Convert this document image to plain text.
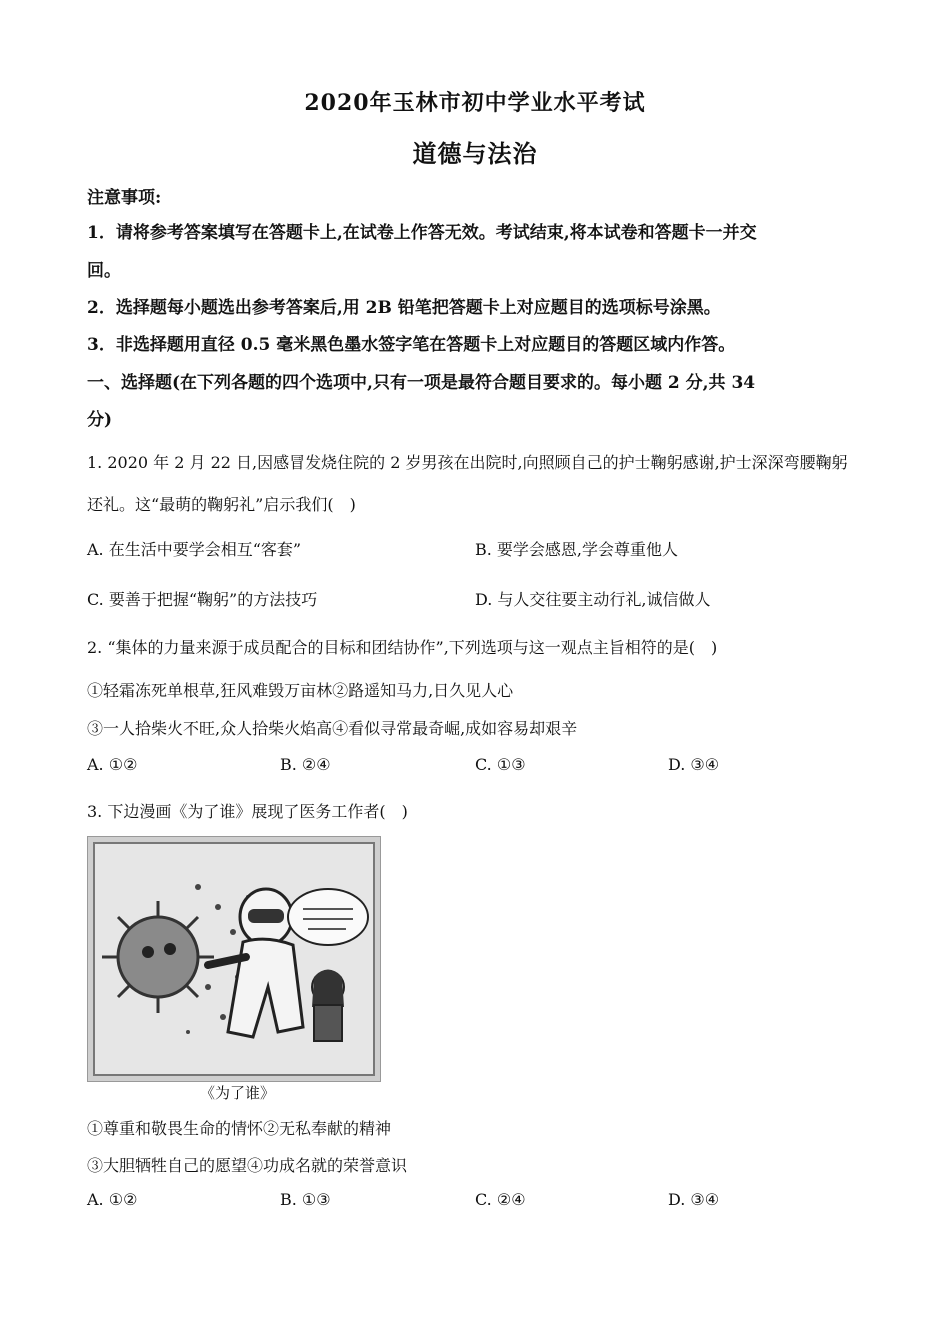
2020年玉林市初中学业水平考试
道德与法治
注意事项:
1．请将参考答案填写在答题卡上,在试卷上作答无效。考试结束,将本试卷和答题卡一并交
回。
2．选择题每小题选出参考答案后,用 2B 铅笔把答题卡上对应题目的选项标号涂黑。
3．非选择题用直径 0.5 毫米黑色墨水签字笔在答题卡上对应题目的答题区域内作答。
一、选择题(在下列各题的四个选项中,只有一项是最符合题目要求的。每小题 2 分,共 34
分)
1. 2020 年 2 月 22 日,因感冒发烧住院的 2 岁男孩在出院时,向照顾自己的护士鞠躬感谢,护士深深弯腰鞠躬
还礼。这“最萌的鞠躬礼”启示我们(　)
A. 在生活中要学会相互“客套”	B. 要学会感恩,学会尊重他人
C. 要善于把握“鞠躬”的方法技巧	D. 与人交往要主动行礼,诚信做人
2. “集体的力量来源于成员配合的目标和团结协作”,下列选项与这一观点主旨相符的是(　)
①轻霜冻死单根草,狂风难毁万亩林②路遥知马力,日久见人心
③一人拾柴火不旺,众人拾柴火焰高④看似寻常最奇崛,成如容易却艰辛
A. ①②	B. ②④	C. ①③	D. ③④
3. 下边漫画《为了谁》展现了医务工作者(　)
《为了谁》
①尊重和敬畏生命的情怀②无私奉献的精神
③大胆牺牲自己的愿望④功成名就的荣誉意识
A. ①②	B. ①③	C. ②④	D. ③④
